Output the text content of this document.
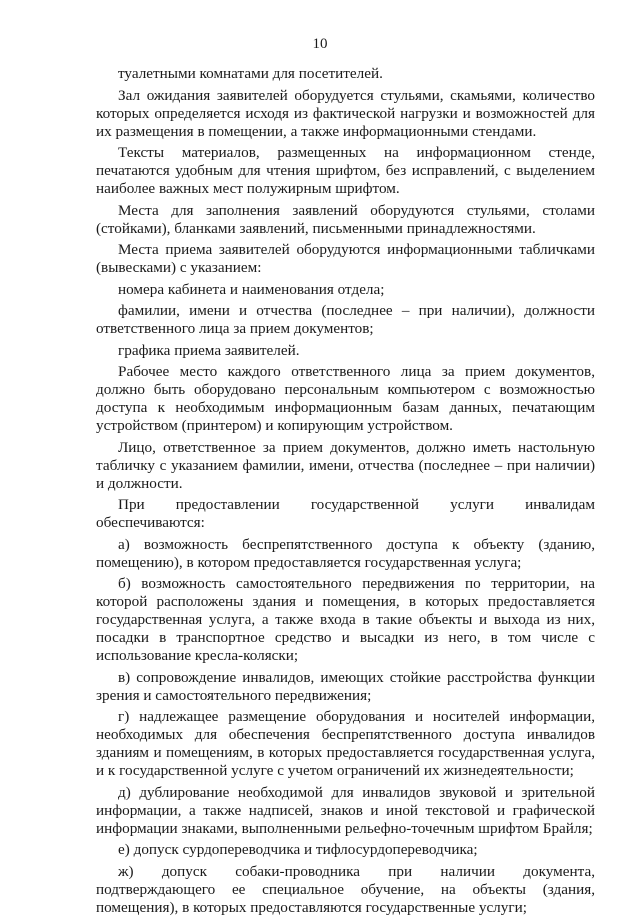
10

туалетными комнатами для посетителей.

Зал ожидания заявителей оборудуется стульями, скамьями, количество которых определяется исходя из фактической нагрузки и возможностей для их размещения в помещении, а также информационными стендами.

Тексты материалов, размещенных на информационном стенде, печатаются удобным для чтения шрифтом, без исправлений, с выделением наиболее важных мест полужирным шрифтом.

Места для заполнения заявлений оборудуются стульями, столами (стойками), бланками заявлений, письменными принадлежностями.

Места приема заявителей оборудуются информационными табличками (вывесками) с указанием:

номера кабинета и наименования отдела;

фамилии, имени и отчества (последнее – при наличии), должности ответственного лица за прием документов;

графика приема заявителей.

Рабочее место каждого ответственного лица за прием документов, должно быть оборудовано персональным компьютером с возможностью доступа к необходимым информационным базам данных, печатающим устройством (принтером) и копирующим устройством.

Лицо, ответственное за прием документов, должно иметь настольную табличку с указанием фамилии, имени, отчества (последнее – при наличии) и должности.

При предоставлении государственной услуги инвалидам обеспечиваются:

а) возможность беспрепятственного доступа к объекту (зданию, помещению), в котором предоставляется государственная услуга;

б) возможность самостоятельного передвижения по территории, на которой расположены здания и помещения, в которых предоставляется государственная услуга, а также входа в такие объекты и выхода из них, посадки в транспортное средство и высадки из него, в том числе с использование кресла-коляски;

в) сопровождение инвалидов, имеющих стойкие расстройства функции зрения и самостоятельного передвижения;

г) надлежащее размещение оборудования и носителей информации, необходимых для обеспечения беспрепятственного доступа инвалидов зданиям и помещениям, в которых предоставляется государственная услуга, и к государственной услуге с учетом ограничений их жизнедеятельности;

д) дублирование необходимой для инвалидов звуковой и зрительной информации, а также надписей, знаков и иной текстовой и графической информации знаками, выполненными рельефно-точечным шрифтом Брайля;

е) допуск сурдопереводчика и тифлосурдопереводчика;

ж) допуск собаки-проводника при наличии документа, подтверждающего ее специальное обучение, на объекты (здания, помещения), в которых предоставляются государственные услуги;
